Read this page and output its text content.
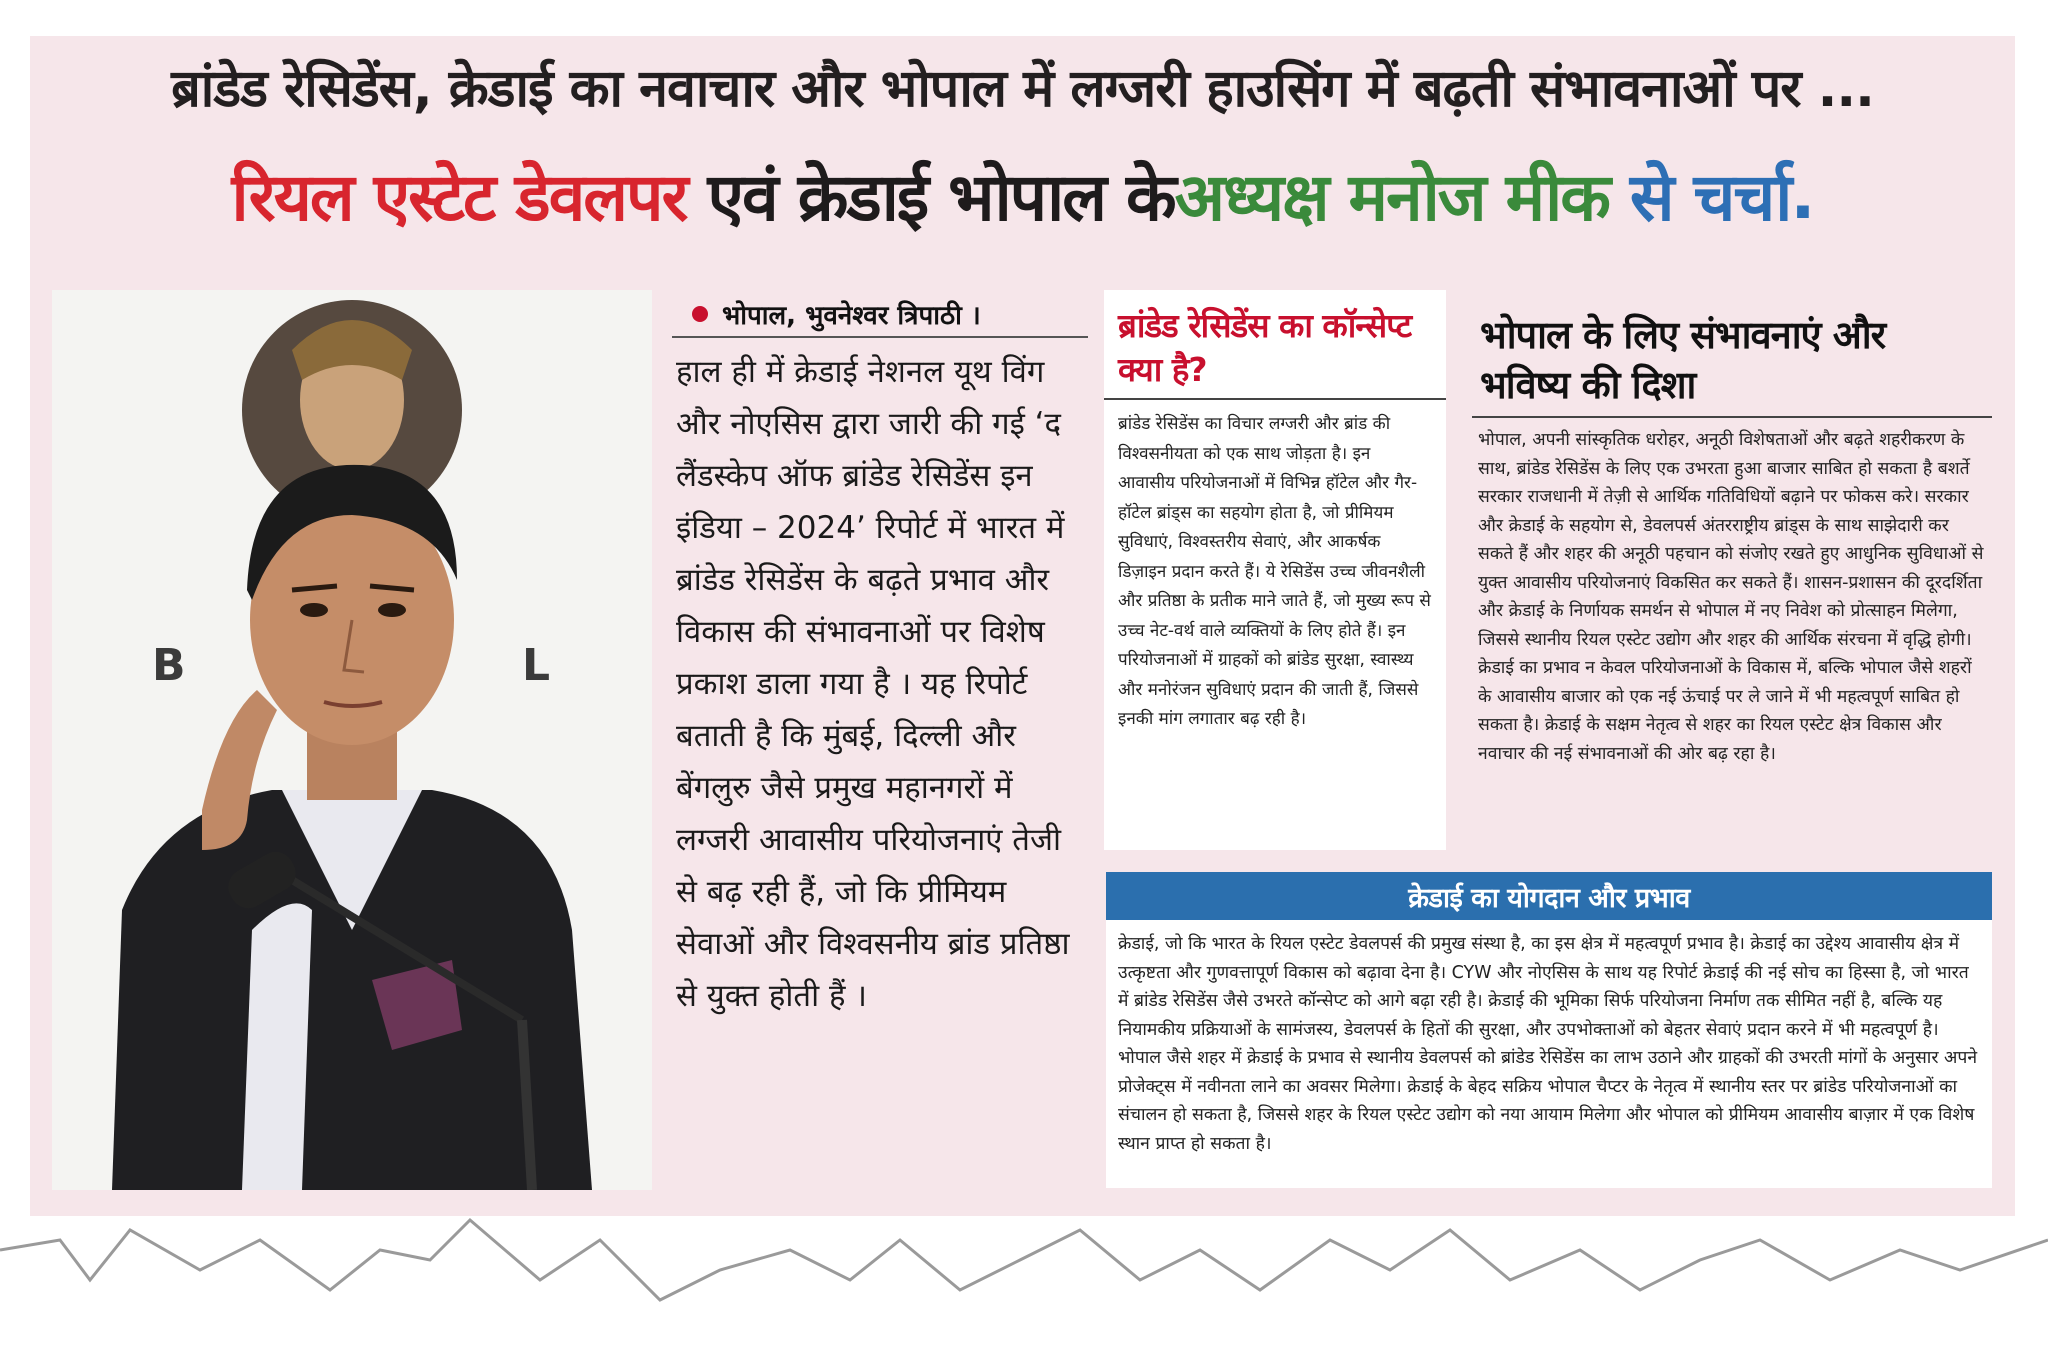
ब्रांडेड रेसिडेंस, क्रेडाई का नवाचार और भोपाल में लग्जरी हाउसिंग में बढ़ती संभावनाओं पर ...
रियल एस्टेट डेवलपर
एवं क्रेडाई भोपाल के अध्यक्ष मनोज मीक
से चर्चा .
B	L
भोपाल, भुवनेश्वर त्रिपाठी ।
हाल ही में क्रेडाई नेशनल यूथ विंग और नोएसिस द्वारा जारी की गई ‘द लैंडस्केप ऑफ ब्रांडेड रेसिडेंस इन इंडिया – 2024’ रिपोर्ट में भारत में ब्रांडेड रेसिडेंस के बढ़ते प्रभाव और विकास की संभावनाओं पर विशेष प्रकाश डाला गया है । यह रिपोर्ट बताती है कि मुंबई, दिल्ली और बेंगलुरु जैसे प्रमुख महानगरों में लग्जरी आवासीय परियोजनाएं तेजी से बढ़ रही हैं, जो कि प्रीमियम सेवाओं और विश्वसनीय ब्रांड प्रतिष्ठा से युक्त होती हैं ।
ब्रांडेड रेसिडेंस का कॉन्सेप्ट क्या है?
ब्रांडेड रेसिडेंस का विचार लग्जरी और ब्रांड की विश्वसनीयता को एक साथ जोड़ता है। इन आवासीय परियोजनाओं में विभिन्न हॉटेल और गैर-हॉटेल ब्रांड्स का सहयोग होता है, जो प्रीमियम सुविधाएं, विश्वस्तरीय सेवाएं, और आकर्षक डिज़ाइन प्रदान करते हैं। ये रेसिडेंस उच्च जीवनशैली और प्रतिष्ठा के प्रतीक माने जाते हैं, जो मुख्य रूप से उच्च नेट-वर्थ वाले व्यक्तियों के लिए होते हैं। इन परियोजनाओं में ग्राहकों को ब्रांडेड सुरक्षा, स्वास्थ्य और मनोरंजन सुविधाएं प्रदान की जाती हैं, जिससे इनकी मांग लगातार बढ़ रही है।
भोपाल के लिए संभावनाएं और भविष्य की दिशा
भोपाल, अपनी सांस्कृतिक धरोहर, अनूठी विशेषताओं और बढ़ते शहरीकरण के साथ, ब्रांडेड रेसिडेंस के लिए एक उभरता हुआ बाजार साबित हो सकता है बशर्ते सरकार राजधानी में तेज़ी से आर्थिक गतिविधियों बढ़ाने पर फोकस करे। सरकार और क्रेडाई के सहयोग से, डेवलपर्स अंतरराष्ट्रीय ब्रांड्स के साथ साझेदारी कर सकते हैं और शहर की अनूठी पहचान को संजोए रखते हुए आधुनिक सुविधाओं से युक्त आवासीय परियोजनाएं विकसित कर सकते हैं। शासन-प्रशासन की दूरदर्शिता और क्रेडाई के निर्णायक समर्थन से भोपाल में नए निवेश को प्रोत्साहन मिलेगा, जिससे स्थानीय रियल एस्टेट उद्योग और शहर की आर्थिक संरचना में वृद्धि होगी।
क्रेडाई का प्रभाव न केवल परियोजनाओं के विकास में, बल्कि भोपाल जैसे शहरों के आवासीय बाजार को एक नई ऊंचाई पर ले जाने में भी महत्वपूर्ण साबित हो सकता है। क्रेडाई के सक्षम नेतृत्व से शहर का रियल एस्टेट क्षेत्र विकास और नवाचार की नई संभावनाओं की ओर बढ़ रहा है।
क्रेडाई का योगदान और प्रभाव
क्रेडाई, जो कि भारत के रियल एस्टेट डेवलपर्स की प्रमुख संस्था है, का इस क्षेत्र में महत्वपूर्ण प्रभाव है। क्रेडाई का उद्देश्य आवासीय क्षेत्र में उत्कृष्टता और गुणवत्तापूर्ण विकास को बढ़ावा देना है। CYW और नोएसिस के साथ यह रिपोर्ट क्रेडाई की नई सोच का हिस्सा है, जो भारत में ब्रांडेड रेसिडेंस जैसे उभरते कॉन्सेप्ट को आगे बढ़ा रही है। क्रेडाई की भूमिका सिर्फ परियोजना निर्माण तक सीमित नहीं है, बल्कि यह नियामकीय प्रक्रियाओं के सामंजस्य, डेवलपर्स के हितों की सुरक्षा, और उपभोक्ताओं को बेहतर सेवाएं प्रदान करने में भी महत्वपूर्ण है।
भोपाल जैसे शहर में क्रेडाई के प्रभाव से स्थानीय डेवलपर्स को ब्रांडेड रेसिडेंस का लाभ उठाने और ग्राहकों की उभरती मांगों के अनुसार अपने प्रोजेक्ट्स में नवीनता लाने का अवसर मिलेगा। क्रेडाई के बेहद सक्रिय भोपाल चैप्टर के नेतृत्व में स्थानीय स्तर पर ब्रांडेड परियोजनाओं का संचालन हो सकता है, जिससे शहर के रियल एस्टेट उद्योग को नया आयाम मिलेगा और भोपाल को प्रीमियम आवासीय बाज़ार में एक विशेष स्थान प्राप्त हो सकता है।
